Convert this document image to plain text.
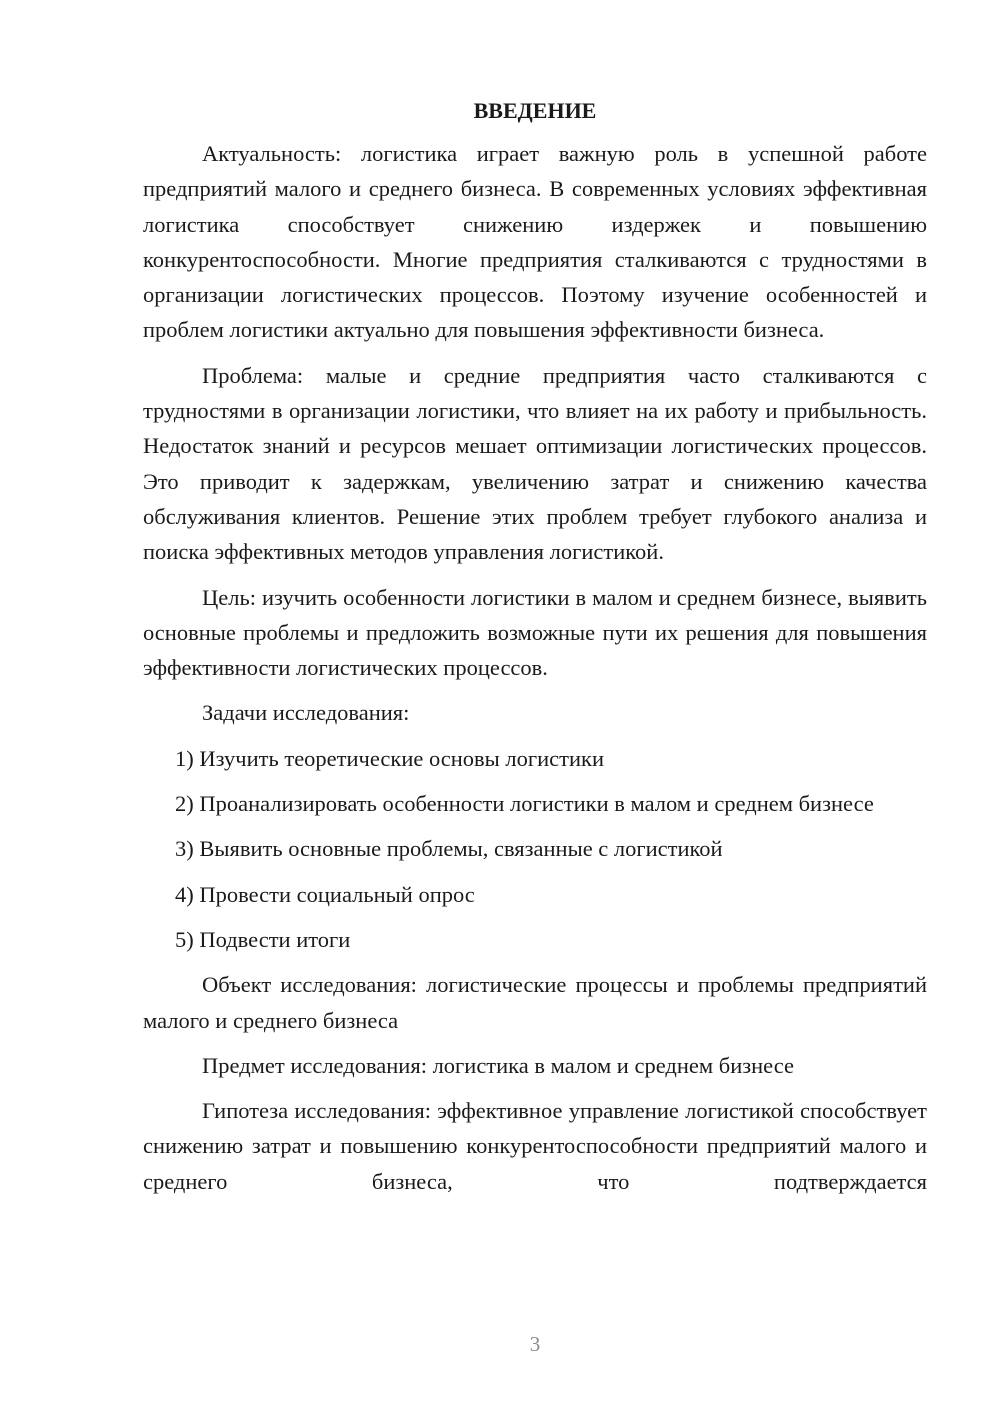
ВВЕДЕНИЕ

Актуальность: логистика играет важную роль в успешной работе предприятий малого и среднего бизнеса. В современных условиях эффективная логистика способствует снижению издержек и повышению конкурентоспособности. Многие предприятия сталкиваются с трудностями в организации логистических процессов. Поэтому изучение особенностей и проблем логистики актуально для повышения эффективности бизнеса.

Проблема: малые и средние предприятия часто сталкиваются с трудностями в организации логистики, что влияет на их работу и прибыльность. Недостаток знаний и ресурсов мешает оптимизации логистических процессов. Это приводит к задержкам, увеличению затрат и снижению качества обслуживания клиентов. Решение этих проблем требует глубокого анализа и поиска эффективных методов управления логистикой.

Цель: изучить особенности логистики в малом и среднем бизнесе, выявить основные проблемы и предложить возможные пути их решения для повышения эффективности логистических процессов.

Задачи исследования:

1) Изучить теоретические основы логистики

2) Проанализировать особенности логистики в малом и среднем бизнесе

3) Выявить основные проблемы, связанные с логистикой

4) Провести социальный опрос

5) Подвести итоги

Объект исследования: логистические процессы и проблемы предприятий малого и среднего бизнеса

Предмет исследования: логистика в малом и среднем бизнесе

Гипотеза исследования: эффективное управление логистикой способствует снижению затрат и повышению конкурентоспособности предприятий малого и среднего бизнеса, что подтверждается

3
